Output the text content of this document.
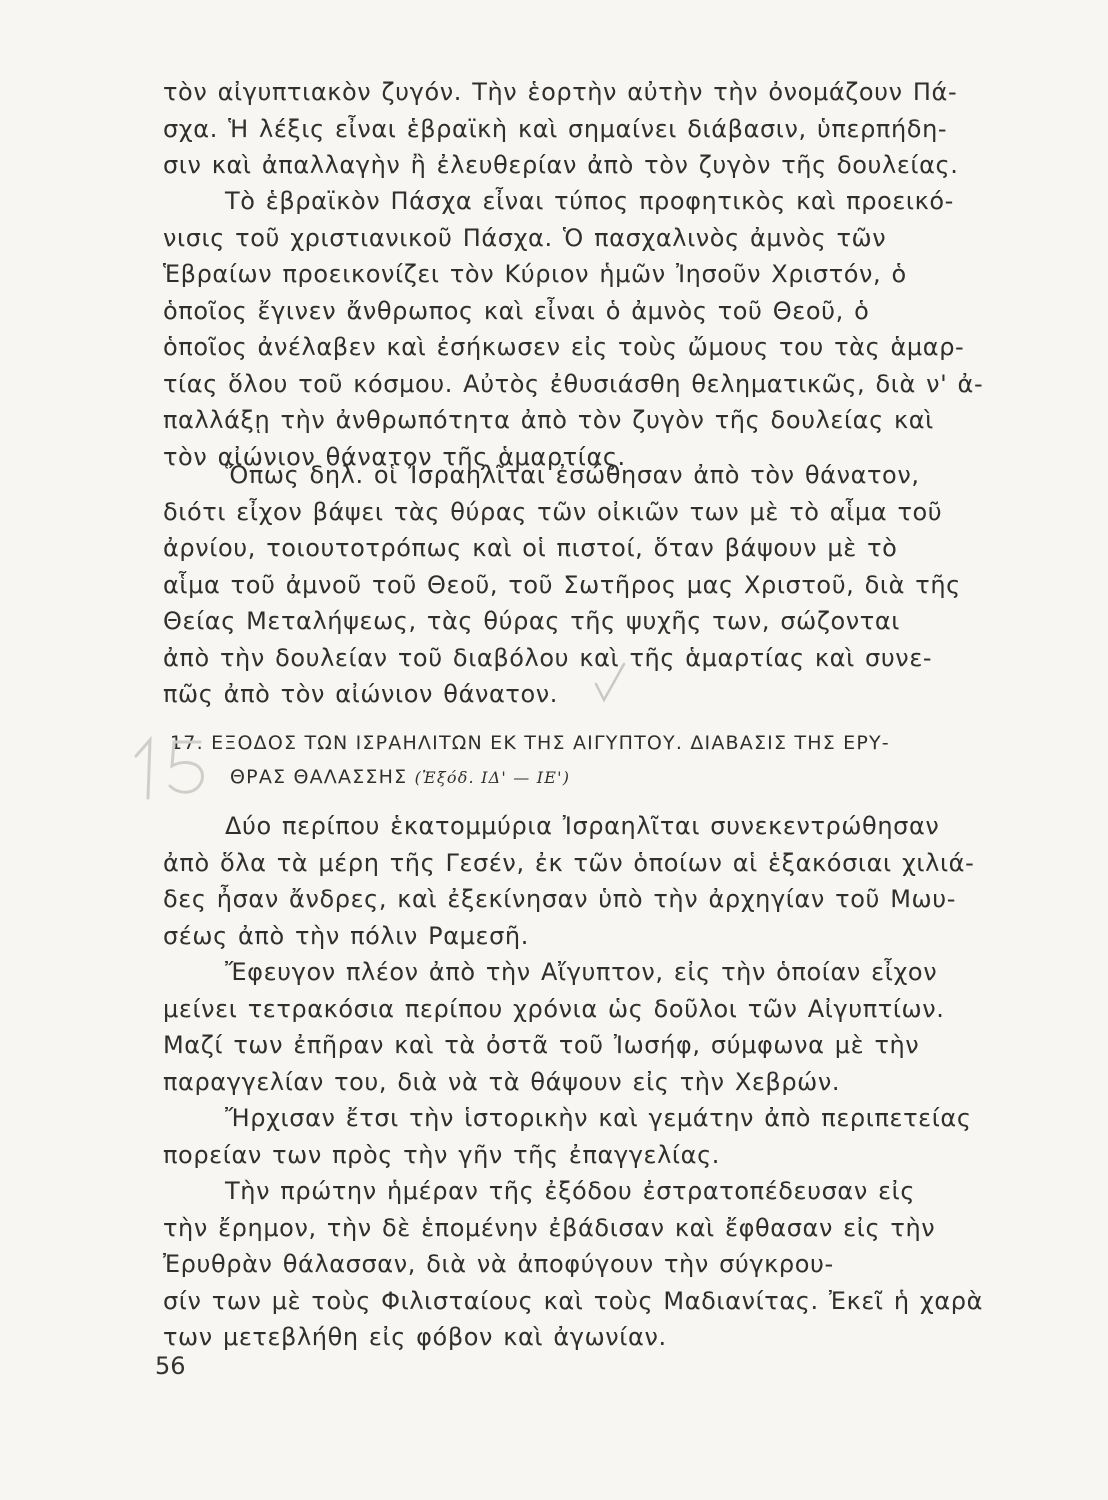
τὸν αἰγυπτιακὸν ζυγόν. Τὴν ἑορτὴν αὐτὴν τὴν ὀνομάζουν Πά-
σχα. Ἡ λέξις εἶναι ἑβραϊκὴ καὶ σημαίνει διάβασιν, ὑπερπήδη-
σιν καὶ ἀπαλλαγὴν ἢ ἐλευθερίαν ἀπὸ τὸν ζυγὸν τῆς δουλείας.
Τὸ ἑβραϊκὸν Πάσχα εἶναι τύπος προφητικὸς καὶ προεικό-
νισις τοῦ χριστιανικοῦ Πάσχα. Ὁ πασχαλινὸς ἀμνὸς τῶν
Ἑβραίων προεικονίζει τὸν Κύριον ἡμῶν Ἰησοῦν Χριστόν, ὁ
ὁποῖος ἔγινεν ἄνθρωπος καὶ εἶναι ὁ ἀμνὸς τοῦ Θεοῦ, ὁ
ὁποῖος ἀνέλαβεν καὶ ἐσήκωσεν εἰς τοὺς ὤμους του τὰς ἁμαρ-
τίας ὅλου τοῦ κόσμου. Αὐτὸς ἐθυσιάσθη θεληματικῶς, διὰ ν' ἀ-
παλλάξῃ τὴν ἀνθρωπότητα ἀπὸ τὸν ζυγὸν τῆς δουλείας καὶ
τὸν αἰώνιον θάνατον τῆς ἁμαρτίας.
Ὅπως δηλ. οἱ Ἰσραηλῖται ἐσώθησαν ἀπὸ τὸν θάνατον,
διότι εἶχον βάψει τὰς θύρας τῶν οἰκιῶν των μὲ τὸ αἷμα τοῦ
ἀρνίου, τοιουτοτρόπως καὶ οἱ πιστοί, ὅταν βάψουν μὲ τὸ
αἷμα τοῦ ἀμνοῦ τοῦ Θεοῦ, τοῦ Σωτῆρος μας Χριστοῦ, διὰ τῆς
Θείας Μεταλήψεως, τὰς θύρας τῆς ψυχῆς των, σώζονται
ἀπὸ τὴν δουλείαν τοῦ διαβόλου καὶ τῆς ἁμαρτίας καὶ συνε-
πῶς ἀπὸ τὸν αἰώνιον θάνατον.
17. ΕΞΟΔΟΣ ΤΩΝ ΙΣΡΑΗΛΙΤΩΝ ΕΚ ΤΗΣ ΑΙΓΥΠΤΟΥ. ΔΙΑΒΑΣΙΣ ΤΗΣ ΕΡΥ-
ΘΡΑΣ ΘΑΛΑΣΣΗΣ (Ἐξόδ. ΙΔ' — ΙΕ')
15
Δύο περίπου ἑκατομμύρια Ἰσραηλῖται συνεκεντρώθησαν
ἀπὸ ὅλα τὰ μέρη τῆς Γεσέν, ἐκ τῶν ὁποίων αἱ ἑξακόσιαι χιλιά-
δες ἦσαν ἄνδρες, καὶ ἐξεκίνησαν ὑπὸ τὴν ἀρχηγίαν τοῦ Μωυ-
σέως ἀπὸ τὴν πόλιν Ραμεσῆ.
Ἔφευγον πλέον ἀπὸ τὴν Αἴγυπτον, εἰς τὴν ὁποίαν εἶχον
μείνει τετρακόσια περίπου χρόνια ὡς δοῦλοι τῶν Αἰγυπτίων.
Μαζί των ἐπῆραν καὶ τὰ ὀστᾶ τοῦ Ἰωσήφ, σύμφωνα μὲ τὴν
παραγγελίαν του, διὰ νὰ τὰ θάψουν εἰς τὴν Χεβρών.
Ἤρχισαν ἔτσι τὴν ἱστορικὴν καὶ γεμάτην ἀπὸ περιπετείας
πορείαν των πρὸς τὴν γῆν τῆς ἐπαγγελίας.
Τὴν πρώτην ἡμέραν τῆς ἐξόδου ἐστρατοπέδευσαν εἰς
τὴν ἔρημον, τὴν δὲ ἑπομένην ἐβάδισαν καὶ ἔφθασαν εἰς τὴν
Ἐρυθρὰν θάλασσαν, διὰ νὰ ἀποφύγουν τὴν σύγκρου-
σίν των μὲ τοὺς Φιλισταίους καὶ τοὺς Μαδιανίτας. Ἐκεῖ ἡ χαρὰ
των μετεβλήθη εἰς φόβον καὶ ἀγωνίαν.
56
